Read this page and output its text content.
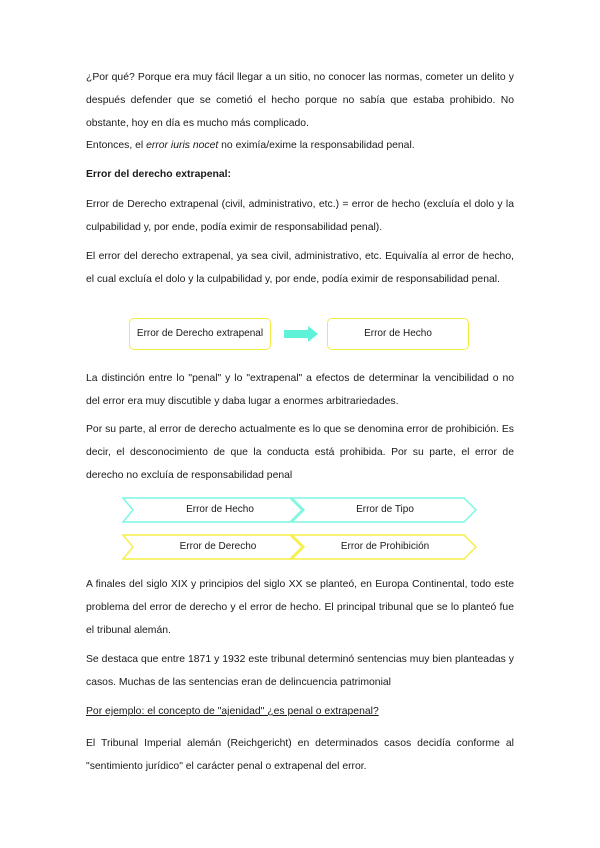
¿Por qué? Porque era muy fácil llegar a un sitio, no conocer las normas, cometer un delito y después defender que se cometió el hecho porque no sabía que estaba prohibido. No obstante, hoy en día es mucho más complicado.

Entonces, el error iuris nocet no eximía/exime la responsabilidad penal.

Error del derecho extrapenal:

Error de Derecho extrapenal (civil, administrativo, etc.) = error de hecho (excluía el dolo y la culpabilidad y, por ende, podía eximir de responsabilidad penal).

El error del derecho extrapenal, ya sea civil, administrativo, etc. Equivalía al error de hecho, el cual excluía el dolo y la culpabilidad y, por ende, podía eximir de responsabilidad penal.

Error de Derecho extrapenal	Error de Hecho

La distinción entre lo "penal" y lo "extrapenal" a efectos de determinar la vencibilidad o no del error era muy discutible y daba lugar a enormes arbitrariedades.

Por su parte, al error de derecho actualmente es lo que se denomina error de prohibición. Es decir, el desconocimiento de que la conducta está prohibida. Por su parte, el error de derecho no excluía de responsabilidad penal

Error de Hecho	Error de Tipo
Error de Derecho	Error de Prohibición

A finales del siglo XIX y principios del siglo XX se planteó, en Europa Continental, todo este problema del error de derecho y el error de hecho. El principal tribunal que se lo planteó fue el tribunal alemán.

Se destaca que entre 1871 y 1932 este tribunal determinó sentencias muy bien planteadas y casos. Muchas de las sentencias eran de delincuencia patrimonial

Por ejemplo: el concepto de "ajenidad" ¿es penal o extrapenal?

El Tribunal Imperial alemán (Reichgericht) en determinados casos decidía conforme al "sentimiento jurídico" el carácter penal o extrapenal del error.
